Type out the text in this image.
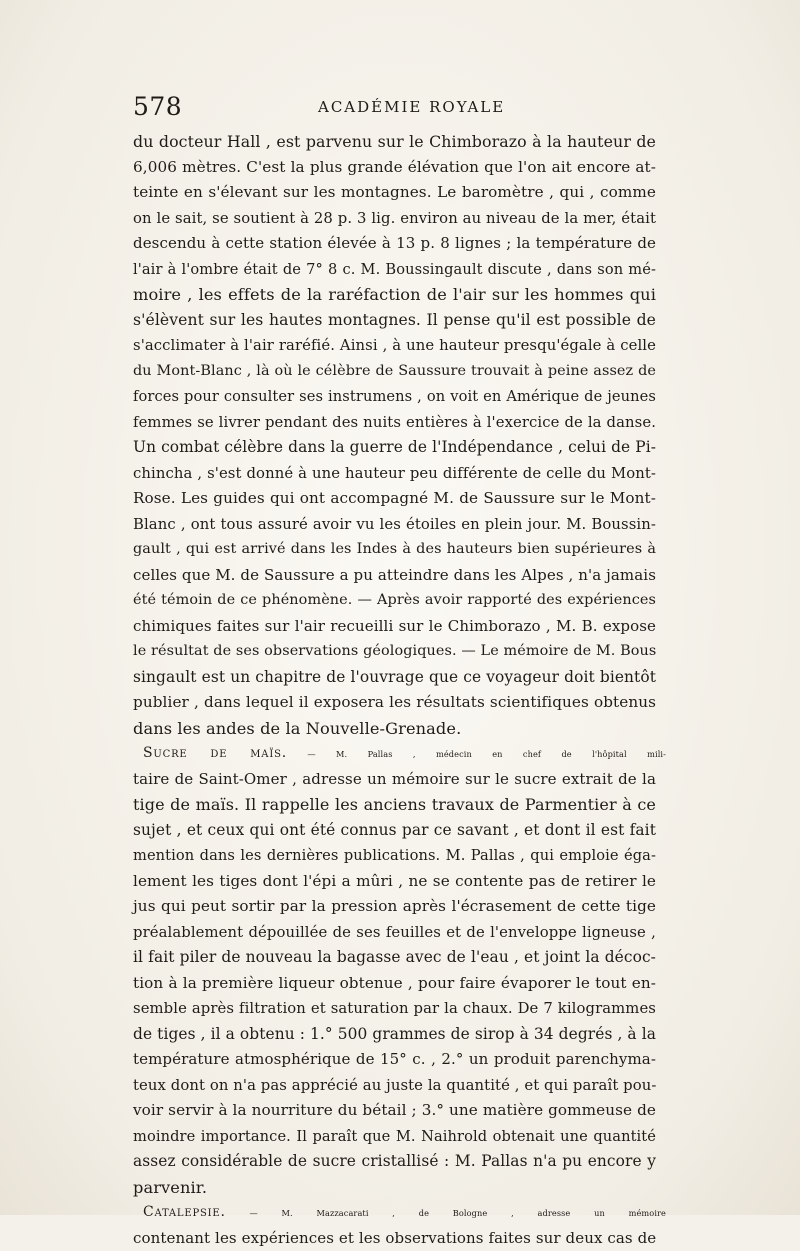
578	ACADÉMIE ROYALE
du docteur Hall , est parvenu sur le Chimborazo à la hauteur de
6,006 mètres. C'est la plus grande élévation que l'on ait encore at-
teinte en s'élevant sur les montagnes. Le baromètre , qui , comme
on le sait, se soutient à 28 p. 3 lig. environ au niveau de la mer, était
descendu à cette station élevée à 13 p. 8 lignes ; la température de
l'air à l'ombre était de 7° 8 c. M. Boussingault discute , dans son mé-
moire , les effets de la raréfaction de l'air sur les hommes qui
s'élèvent sur les hautes montagnes. Il pense qu'il est possible de
s'acclimater à l'air raréfié. Ainsi , à une hauteur presqu'égale à celle
du Mont-Blanc , là où le célèbre de Saussure trouvait à peine assez de
forces pour consulter ses instrumens , on voit en Amérique de jeunes
femmes se livrer pendant des nuits entières à l'exercice de la danse.
Un combat célèbre dans la guerre de l'Indépendance , celui de Pi-
chincha , s'est donné à une hauteur peu différente de celle du Mont-
Rose. Les guides qui ont accompagné M. de Saussure sur le Mont-
Blanc , ont tous assuré avoir vu les étoiles en plein jour. M. Boussin-
gault , qui est arrivé dans les Indes à des hauteurs bien supérieures à
celles que M. de Saussure a pu atteindre dans les Alpes , n'a jamais
été témoin de ce phénomène. — Après avoir rapporté des expériences
chimiques faites sur l'air recueilli sur le Chimborazo , M. B. expose
le résultat de ses observations géologiques. — Le mémoire de M. Bous
singault est un chapitre de l'ouvrage que ce voyageur doit bientôt
publier , dans lequel il exposera les résultats scientifiques obtenus
dans les andes de la Nouvelle-Grenade.
Sucre de maïs. — M. Pallas , médecin en chef de l'hôpital mili-
taire de Saint-Omer , adresse un mémoire sur le sucre extrait de la
tige de maïs. Il rappelle les anciens travaux de Parmentier à ce
sujet , et ceux qui ont été connus par ce savant , et dont il est fait
mention dans les dernières publications. M. Pallas , qui emploie éga-
lement les tiges dont l'épi a mûri , ne se contente pas de retirer le
jus qui peut sortir par la pression après l'écrasement de cette tige
préalablement dépouillée de ses feuilles et de l'enveloppe ligneuse ,
il fait piler de nouveau la bagasse avec de l'eau , et joint la décoc-
tion à la première liqueur obtenue , pour faire évaporer le tout en-
semble après filtration et saturation par la chaux. De 7 kilogrammes
de tiges , il a obtenu : 1.° 500 grammes de sirop à 34 degrés , à la
température atmosphérique de 15° c. , 2.° un produit parenchyma-
teux dont on n'a pas apprécié au juste la quantité , et qui paraît pou-
voir servir à la nourriture du bétail ; 3.° une matière gommeuse de
moindre importance. Il paraît que M. Naihrold obtenait une quantité
assez considérable de sucre cristallisé : M. Pallas n'a pu encore y
parvenir.
Catalepsie. — M. Mazzacarati , de Bologne , adresse un mémoire
contenant les expériences et les observations faites sur deux cas de
